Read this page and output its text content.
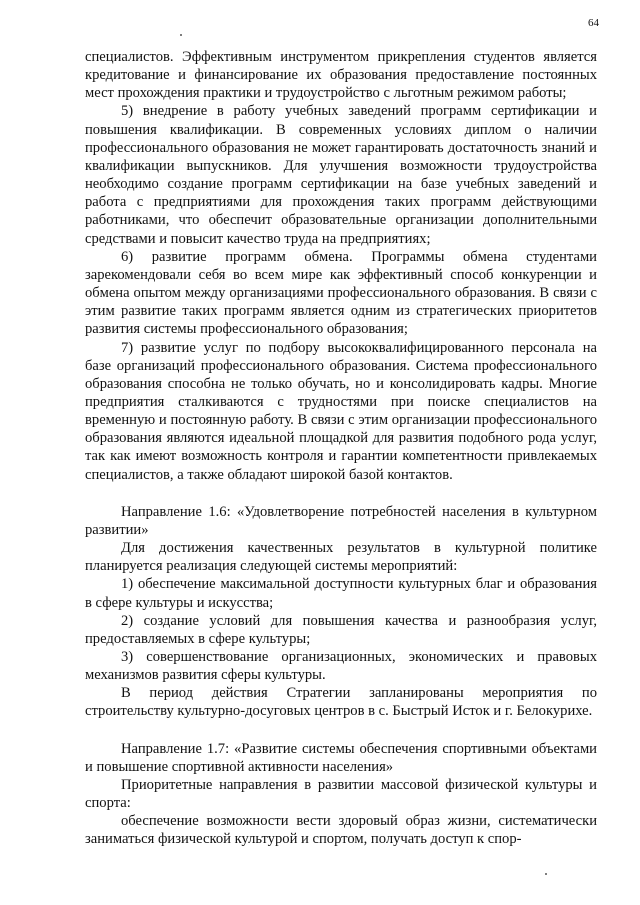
64

специалистов. Эффективным инструментом прикрепления студентов является кредитование и финансирование их образования предоставление постоянных мест прохождения практики и трудоустройство с льготным режимом работы;

5) внедрение в работу учебных заведений программ сертификации и повышения квалификации. В современных условиях диплом о наличии профессионального образования не может гарантировать достаточность знаний и квалификации выпускников. Для улучшения возможности трудоустройства необходимо создание программ сертификации на базе учебных заведений и работа с предприятиями для прохождения таких программ действующими работниками, что обеспечит образовательные организации дополнительными средствами и повысит качество труда на предприятиях;

6) развитие программ обмена. Программы обмена студентами зарекомендовали себя во всем мире как эффективный способ конкуренции и обмена опытом между организациями профессионального образования. В связи с этим развитие таких программ является одним из стратегических приоритетов развития системы профессионального образования;

7) развитие услуг по подбору высококвалифицированного персонала на базе организаций профессионального образования. Система профессионального образования способна не только обучать, но и консолидировать кадры. Многие предприятия сталкиваются с трудностями при поиске специалистов на временную и постоянную работу. В связи с этим организации профессионального образования являются идеальной площадкой для развития подобного рода услуг, так как имеют возможность контроля и гарантии компетентности привлекаемых специалистов, а также обладают широкой базой контактов.

Направление 1.6: «Удовлетворение потребностей населения в культурном развитии»

Для достижения качественных результатов в культурной политике планируется реализация следующей системы мероприятий:

1) обеспечение максимальной доступности культурных благ и образования в сфере культуры и искусства;

2) создание условий для повышения качества и разнообразия услуг, предоставляемых в сфере культуры;

3) совершенствование организационных, экономических и правовых механизмов развития сферы культуры.

В период действия Стратегии запланированы мероприятия по строительству культурно-досуговых центров в с. Быстрый Исток и г. Белокурихе.

Направление 1.7: «Развитие системы обеспечения спортивными объектами и повышение спортивной активности населения»

Приоритетные направления в развитии массовой физической культуры и спорта:

обеспечение возможности вести здоровый образ жизни, систематически заниматься физической культурой и спортом, получать доступ к спор-
